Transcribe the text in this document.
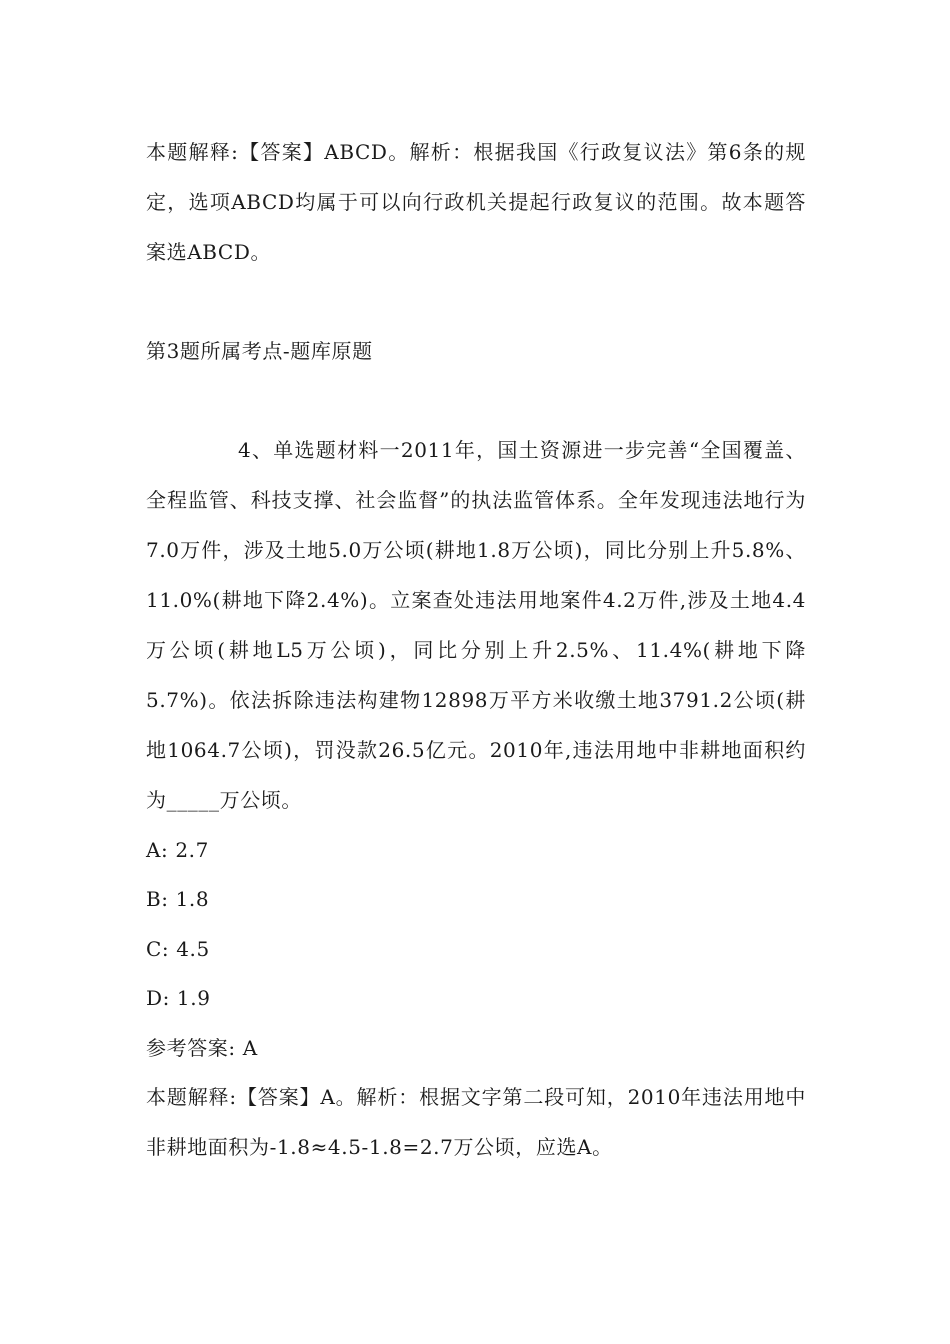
本题解释:【答案】ABCD。解析：根据我国《行政复议法》第6条的规定，选项ABCD均属于可以向行政机关提起行政复议的范围。故本题答案选ABCD。
第3题所属考点-题库原题
4、单选题材料一2011年，国土资源进一步完善“全国覆盖、全程监管、科技支撑、社会监督”的执法监管体系。全年发现违法地行为7.0万件，涉及土地5.0万公顷(耕地1.8万公顷)，同比分别上升5.8%、11.0%(耕地下降2.4%)。立案查处违法用地案件4.2万件,涉及土地4.4万公顷(耕地L5万公顷)，同比分别上升2.5%、11.4%(耕地下降5.7%)。依法拆除违法构建物12898万平方米收缴土地3791.2公顷(耕地1064.7公顷)，罚没款26.5亿元。2010年,违法用地中非耕地面积约为_____万公顷。
A: 2.7
B: 1.8
C: 4.5
D: 1.9
参考答案: A
本题解释:【答案】A。解析：根据文字第二段可知，2010年违法用地中非耕地面积为-1.8≈4.5-1.8=2.7万公顷，应选A。
